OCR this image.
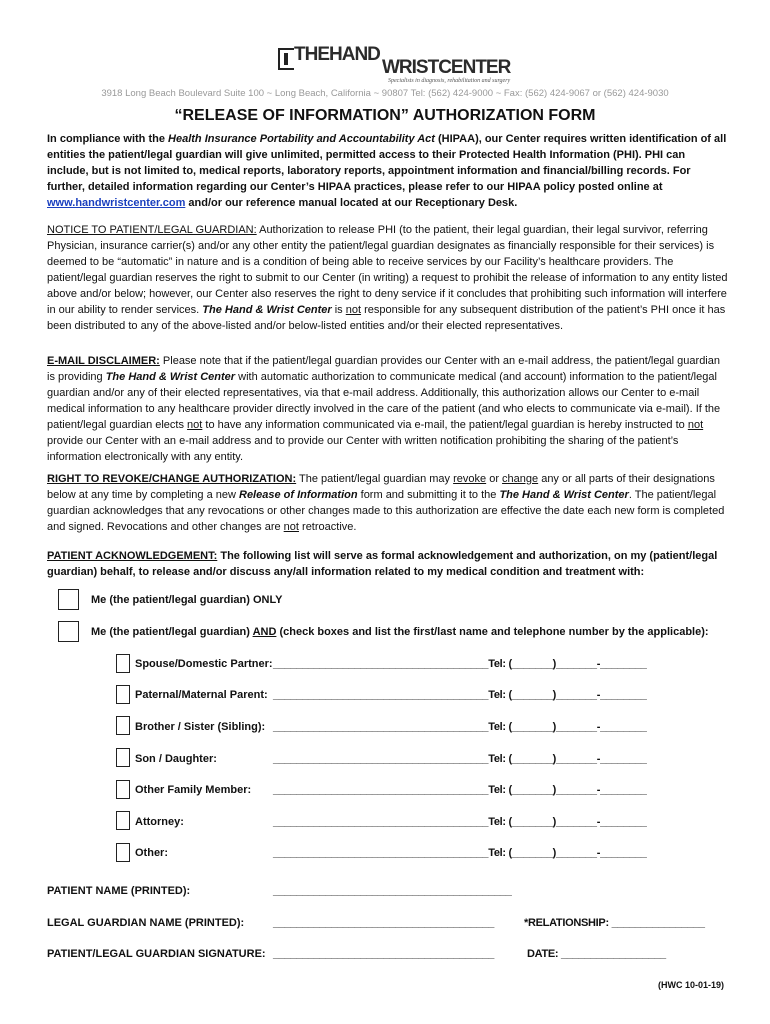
THEHAND
WRISTCENTER
Specialists in diagnosis, rehabilitation and surgery
3918 Long Beach Boulevard Suite 100 ~ Long Beach, California ~ 90807 Tel: (562) 424-9000 ~ Fax: (562) 424-9067 or (562) 424-9030
“RELEASE OF INFORMATION” AUTHORIZATION FORM
In compliance with the Health Insurance Portability and Accountability Act (HIPAA), our Center requires written identification of all entities the patient/legal guardian will give unlimited, permitted access to their Protected Health Information (PHI). PHI can include, but is not limited to, medical reports, laboratory reports, appointment information and financial/billing records. For further, detailed information regarding our Center’s HIPAA practices, please refer to our HIPAA policy posted online at www.handwristcenter.com and/or our reference manual located at our Receptionary Desk.
NOTICE TO PATIENT/LEGAL GUARDIAN: Authorization to release PHI (to the patient, their legal guardian, their legal survivor, referring Physician, insurance carrier(s) and/or any other entity the patient/legal guardian designates as financially responsible for their services) is deemed to be “automatic” in nature and is a condition of being able to receive services by our Facility’s healthcare providers. The patient/legal guardian reserves the right to submit to our Center (in writing) a request to prohibit the release of information to any entity listed above and/or below; however, our Center also reserves the right to deny service if it concludes that prohibiting such information will interfere in our ability to render services. The Hand & Wrist Center is not responsible for any subsequent distribution of the patient’s PHI once it has been distributed to any of the above-listed and/or below-listed entities and/or their elected representatives.
E-MAIL DISCLAIMER: Please note that if the patient/legal guardian provides our Center with an e-mail address, the patient/legal guardian is providing The Hand & Wrist Center with automatic authorization to communicate medical (and account) information to the patient/legal guardian and/or any of their elected representatives, via that e-mail address. Additionally, this authorization allows our Center to e-mail medical information to any healthcare provider directly involved in the care of the patient (and who elects to communicate via e-mail). If the patient/legal guardian elects not to have any information communicated via e-mail, the patient/legal guardian is hereby instructed to not provide our Center with an e-mail address and to provide our Center with written notification prohibiting the sharing of the patient’s information electronically with any entity.
RIGHT TO REVOKE/CHANGE AUTHORIZATION: The patient/legal guardian may revoke or change any or all parts of their designations below at any time by completing a new Release of Information form and submitting it to the The Hand & Wrist Center. The patient/legal guardian acknowledges that any revocations or other changes made to this authorization are effective the date each new form is completed and signed. Revocations and other changes are not retroactive.
PATIENT ACKNOWLEDGEMENT: The following list will serve as formal acknowledgement and authorization, on my (patient/legal guardian) behalf, to release and/or discuss any/all information related to my medical condition and treatment with:
Me (the patient/legal guardian) ONLY
Me (the patient/legal guardian) AND (check boxes and list the first/last name and telephone number by the applicable):
Spouse/Domestic Partner: _____________________________________Tel: (_______)_______-________
Paternal/Maternal Parent: _____________________________________Tel: (_______)_______-________
Brother / Sister (Sibling): _____________________________________Tel: (_______)_______-________
Son / Daughter:	_____________________________________Tel: (_______)_______-________
Other Family Member: _____________________________________Tel: (_______)_______-________
Attorney:	_____________________________________Tel: (_______)_______-________
Other:	_____________________________________Tel: (_______)_______-________
PATIENT NAME (PRINTED):	_________________________________________
LEGAL GUARDIAN NAME (PRINTED):	______________________________________	*RELATIONSHIP: ________________
PATIENT/LEGAL GUARDIAN SIGNATURE: ______________________________________	DATE: __________________
(HWC 10-01-19)
